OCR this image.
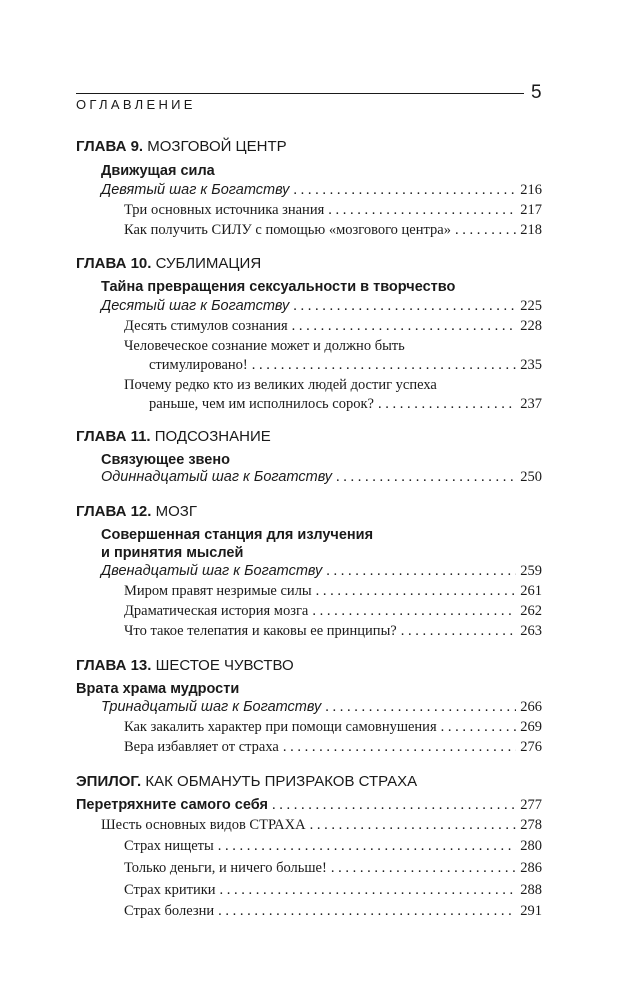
5
ОГЛАВЛЕНИЕ
ГЛАВА 9. МОЗГОВОЙ ЦЕНТР
Движущая сила
Девятый шаг к Богатству . . .	216
Три основных источника знания . . .	217
Как получить СИЛУ с помощью «мозгового центра» . . .	218
ГЛАВА 10. СУБЛИМАЦИЯ
Тайна превращения сексуальности в творчество
Десятый шаг к Богатству . . .	225
Десять стимулов сознания . . .	228
Человеческое сознание может и должно быть
стимулировано! . . .	235
Почему редко кто из великих людей достиг успеха
раньше, чем им исполнилось сорок? . . .	237
ГЛАВА 11. ПОДСОЗНАНИЕ
Связующее звено
Одиннадцатый шаг к Богатству . . .	250
ГЛАВА 12. МОЗГ
Совершенная станция для излучения
и принятия мыслей
Двенадцатый шаг к Богатству . . .	259
Миром правят незримые силы . . .	261
Драматическая история мозга . . .	262
Что такое телепатия и каковы ее принципы? . . .	263
ГЛАВА 13. ШЕСТОЕ ЧУВСТВО
Врата храма мудрости
Тринадцатый шаг к Богатству . . .	266
Как закалить характер при помощи самовнушения . . .	269
Вера избавляет от страха . . .	276
ЭПИЛОГ. КАК ОБМАНУТЬ ПРИЗРАКОВ СТРАХА
Перетряхните самого себя . . .	277
Шесть основных видов СТРАХА . . .	278
Страх нищеты . . .	280
Только деньги, и ничего больше! . . .	286
Страх критики . . .	288
Страх болезни . . .	291
